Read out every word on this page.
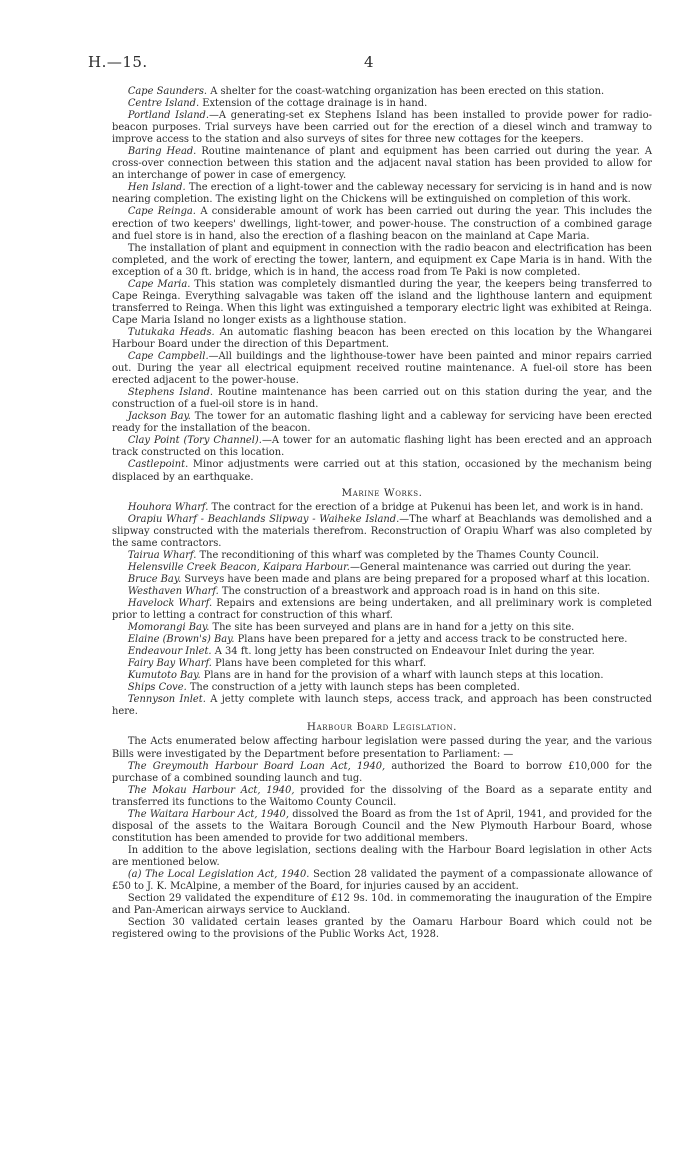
H.—15.	4

Cape Saunders. A shelter for the coast-watching organization has been erected on this station.

Centre Island. Extension of the cottage drainage is in hand.

Portland Island.—A generating-set ex Stephens Island has been installed to provide power for radio-beacon purposes. Trial surveys have been carried out for the erection of a diesel winch and tramway to improve access to the station and also surveys of sites for three new cottages for the keepers.

Baring Head. Routine maintenance of plant and equipment has been carried out during the year. A cross-over connection between this station and the adjacent naval station has been provided to allow for an interchange of power in case of emergency.

Hen Island. The erection of a light-tower and the cableway necessary for servicing is in hand and is now nearing completion. The existing light on the Chickens will be extinguished on completion of this work.

Cape Reinga. A considerable amount of work has been carried out during the year. This includes the erection of two keepers' dwellings, light-tower, and power-house. The construction of a combined garage and fuel store is in hand, also the erection of a flashing beacon on the mainland at Cape Maria.

The installation of plant and equipment in connection with the radio beacon and electrification has been completed, and the work of erecting the tower, lantern, and equipment ex Cape Maria is in hand. With the exception of a 30 ft. bridge, which is in hand, the access road from Te Paki is now completed.

Cape Maria. This station was completely dismantled during the year, the keepers being transferred to Cape Reinga. Everything salvagable was taken off the island and the lighthouse lantern and equipment transferred to Reinga. When this light was extinguished a temporary electric light was exhibited at Reinga. Cape Maria Island no longer exists as a lighthouse station.

Tutukaka Heads. An automatic flashing beacon has been erected on this location by the Whangarei Harbour Board under the direction of this Department.

Cape Campbell.—All buildings and the lighthouse-tower have been painted and minor repairs carried out. During the year all electrical equipment received routine maintenance. A fuel-oil store has been erected adjacent to the power-house.

Stephens Island. Routine maintenance has been carried out on this station during the year, and the construction of a fuel-oil store is in hand.

Jackson Bay. The tower for an automatic flashing light and a cableway for servicing have been erected ready for the installation of the beacon.

Clay Point (Tory Channel).—A tower for an automatic flashing light has been erected and an approach track constructed on this location.

Castlepoint. Minor adjustments were carried out at this station, occasioned by the mechanism being displaced by an earthquake.

Marine Works.

Houhora Wharf. The contract for the erection of a bridge at Pukenui has been let, and work is in hand.

Orapiu Wharf - Beachlands Slipway - Waiheke Island.—The wharf at Beachlands was demolished and a slipway constructed with the materials therefrom. Reconstruction of Orapiu Wharf was also completed by the same contractors.

Tairua Wharf. The reconditioning of this wharf was completed by the Thames County Council.

Helensville Creek Beacon, Kaipara Harbour.—General maintenance was carried out during the year.

Bruce Bay. Surveys have been made and plans are being prepared for a proposed wharf at this location.

Westhaven Wharf. The construction of a breastwork and approach road is in hand on this site.

Havelock Wharf. Repairs and extensions are being undertaken, and all preliminary work is completed prior to letting a contract for construction of this wharf.

Momorangi Bay. The site has been surveyed and plans are in hand for a jetty on this site.

Elaine (Brown's) Bay. Plans have been prepared for a jetty and access track to be constructed here.

Endeavour Inlet. A 34 ft. long jetty has been constructed on Endeavour Inlet during the year.

Fairy Bay Wharf. Plans have been completed for this wharf.

Kumutoto Bay. Plans are in hand for the provision of a wharf with launch steps at this location.

Ships Cove. The construction of a jetty with launch steps has been completed.

Tennyson Inlet. A jetty complete with launch steps, access track, and approach has been constructed here.

Harbour Board Legislation.

The Acts enumerated below affecting harbour legislation were passed during the year, and the various Bills were investigated by the Department before presentation to Parliament: —

The Greymouth Harbour Board Loan Act, 1940, authorized the Board to borrow £10,000 for the purchase of a combined sounding launch and tug.

The Mokau Harbour Act, 1940, provided for the dissolving of the Board as a separate entity and transferred its functions to the Waitomo County Council.

The Waitara Harbour Act, 1940, dissolved the Board as from the 1st of April, 1941, and provided for the disposal of the assets to the Waitara Borough Council and the New Plymouth Harbour Board, whose constitution has been amended to provide for two additional members.

In addition to the above legislation, sections dealing with the Harbour Board legislation in other Acts are mentioned below.

(a) The Local Legislation Act, 1940. Section 28 validated the payment of a compassionate allowance of £50 to J. K. McAlpine, a member of the Board, for injuries caused by an accident.

Section 29 validated the expenditure of £12 9s. 10d. in commemorating the inauguration of the Empire and Pan-American airways service to Auckland.

Section 30 validated certain leases granted by the Oamaru Harbour Board which could not be registered owing to the provisions of the Public Works Act, 1928.
